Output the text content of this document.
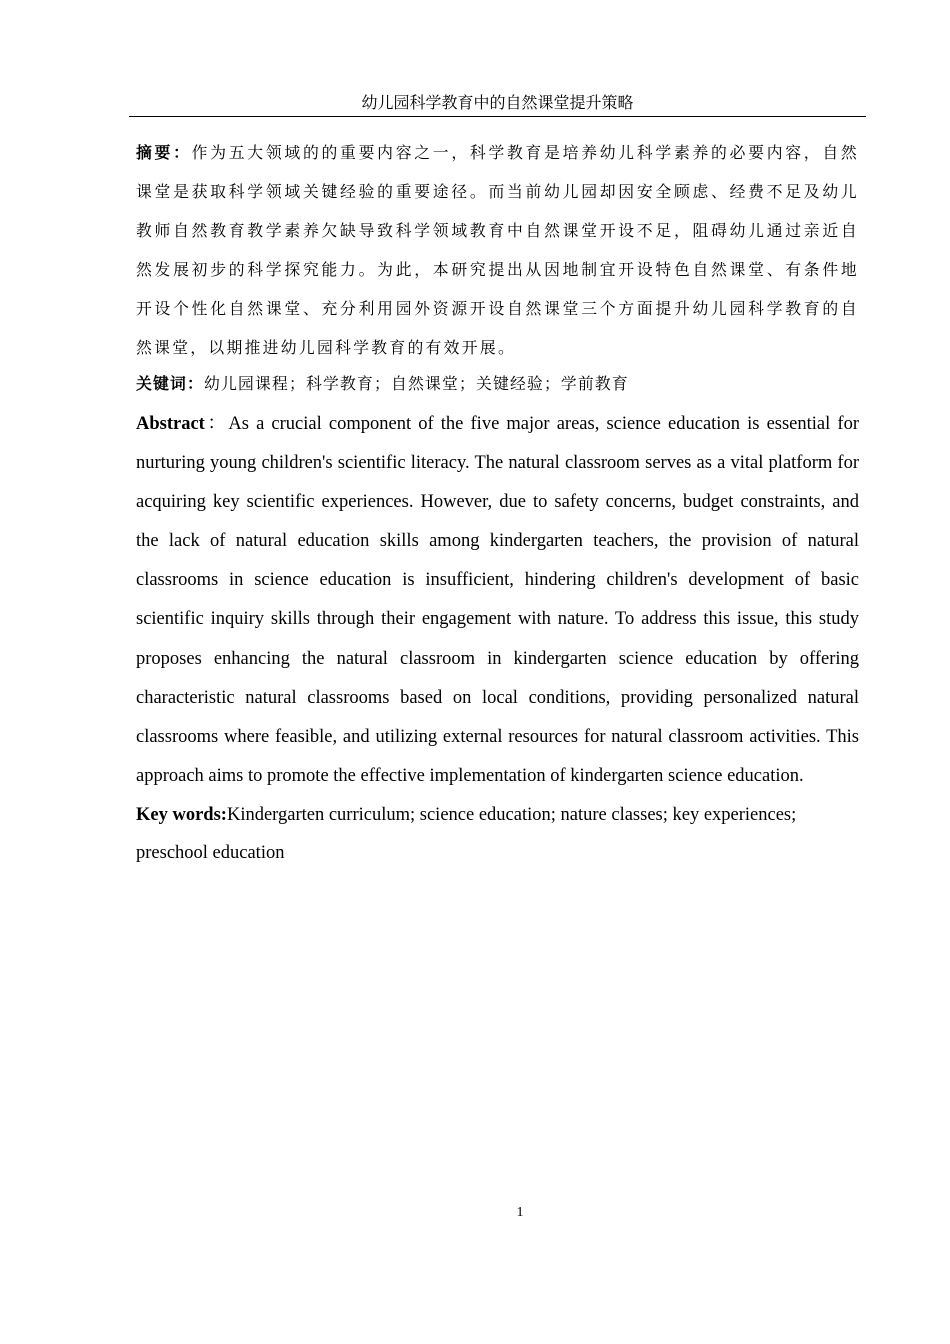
幼儿园科学教育中的自然课堂提升策略

摘要：作为五大领域的的重要内容之一，科学教育是培养幼儿科学素养的必要内容，自然课堂是获取科学领域关键经验的重要途径。而当前幼儿园却因安全顾虑、经费不足及幼儿教师自然教育教学素养欠缺导致科学领域教育中自然课堂开设不足，阻碍幼儿通过亲近自然发展初步的科学探究能力。为此，本研究提出从因地制宜开设特色自然课堂、有条件地开设个性化自然课堂、充分利用园外资源开设自然课堂三个方面提升幼儿园科学教育的自然课堂，以期推进幼儿园科学教育的有效开展。

关键词：幼儿园课程；科学教育；自然课堂；关键经验；学前教育

Abstract：As a crucial component of the five major areas, science education is essential for nurturing young children's scientific literacy. The natural classroom serves as a vital platform for acquiring key scientific experiences. However, due to safety concerns, budget constraints, and the lack of natural education skills among kindergarten teachers, the provision of natural classrooms in science education is insufficient, hindering children's development of basic scientific inquiry skills through their engagement with nature. To address this issue, this study proposes enhancing the natural classroom in kindergarten science education by offering characteristic natural classrooms based on local conditions, providing personalized natural classrooms where feasible, and utilizing external resources for natural classroom activities. This approach aims to promote the effective implementation of kindergarten science education.

Key words:Kindergarten curriculum; science education; nature classes; key experiences;
preschool education

1
